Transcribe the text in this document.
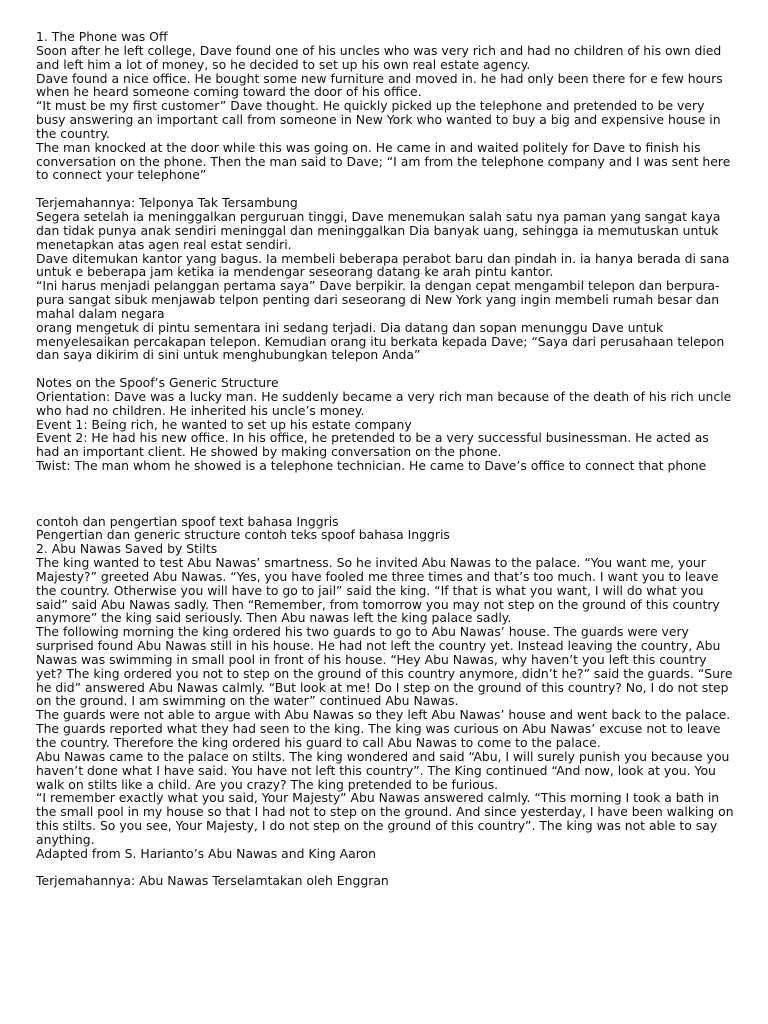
1. The Phone was Off

Soon after he left college, Dave found one of his uncles who was very rich and had no children of his own died and left him a lot of money, so he decided to set up his own real estate agency.

Dave found a nice office. He bought some new furniture and moved in. he had only been there for e few hours when he heard someone coming toward the door of his office.

“It must be my first customer” Dave thought. He quickly picked up the telephone and pretended to be very busy answering an important call from someone in New York who wanted to buy a big and expensive house in the country.

The man knocked at the door while this was going on. He came in and waited politely for Dave to finish his conversation on the phone. Then the man said to Dave; “I am from the telephone company and I was sent here to connect your telephone”

Terjemahannya: Telponya Tak Tersambung

Segera setelah ia meninggalkan perguruan tinggi, Dave menemukan salah satu nya paman yang sangat kaya dan tidak punya anak sendiri meninggal dan meninggalkan Dia banyak uang, sehingga ia memutuskan untuk menetapkan atas agen real estat sendiri.

Dave ditemukan kantor yang bagus. Ia membeli beberapa perabot baru dan pindah in. ia hanya berada di sana untuk e beberapa jam ketika ia mendengar seseorang datang ke arah pintu kantor.

“Ini harus menjadi pelanggan pertama saya” Dave berpikir. Ia dengan cepat mengambil telepon dan berpura-pura sangat sibuk menjawab telpon penting dari seseorang di New York yang ingin membeli rumah besar dan mahal dalam negara

orang mengetuk di pintu sementara ini sedang terjadi. Dia datang dan sopan menunggu Dave untuk menyelesaikan percakapan telepon. Kemudian orang itu berkata kepada Dave; “Saya dari perusahaan telepon dan saya dikirim di sini untuk menghubungkan telepon Anda”

Notes on the Spoof’s Generic Structure

Orientation: Dave was a lucky man. He suddenly became a very rich man because of the death of his rich uncle who had no children. He inherited his uncle’s money.

Event 1: Being rich, he wanted to set up his estate company

Event 2: He had his new office. In his office, he pretended to be a very successful businessman. He acted as had an important client. He showed by making conversation on the phone.

Twist: The man whom he showed is a telephone technician. He came to Dave’s office to connect that phone

contoh dan pengertian spoof text bahasa Inggris

Pengertian dan generic structure contoh teks spoof bahasa Inggris

2. Abu Nawas Saved by Stilts

The king wanted to test Abu Nawas’ smartness. So he invited Abu Nawas to the palace. “You want me, your Majesty?” greeted Abu Nawas. “Yes, you have fooled me three times and that’s too much. I want you to leave the country. Otherwise you will have to go to jail” said the king. “If that is what you want, I will do what you said” said Abu Nawas sadly. Then “Remember, from tomorrow you may not step on the ground of this country anymore” the king said seriously. Then Abu nawas left the king palace sadly.

The following morning the king ordered his two guards to go to Abu Nawas’ house. The guards were very surprised found Abu Nawas still in his house. He had not left the country yet. Instead leaving the country, Abu Nawas was swimming in small pool in front of his house. “Hey Abu Nawas, why haven’t you left this country yet? The king ordered you not to step on the ground of this country anymore, didn’t he?” said the guards. “Sure he did” answered Abu Nawas calmly. “But look at me! Do I step on the ground of this country? No, I do not step on the ground. I am swimming on the water” continued Abu Nawas.

The guards were not able to argue with Abu Nawas so they left Abu Nawas’ house and went back to the palace. The guards reported what they had seen to the king. The king was curious on Abu Nawas’ excuse not to leave the country. Therefore the king ordered his guard to call Abu Nawas to come to the palace.

Abu Nawas came to the palace on stilts. The king wondered and said “Abu, I will surely punish you because you haven’t done what I have said. You have not left this country”. The King continued “And now, look at you. You walk on stilts like a child. Are you crazy? The king pretended to be furious.

“I remember exactly what you said, Your Majesty” Abu Nawas answered calmly. “This morning I took a bath in the small pool in my house so that I had not to step on the ground. And since yesterday, I have been walking on this stilts. So you see, Your Majesty, I do not step on the ground of this country”. The king was not able to say anything.

Adapted from S. Harianto’s Abu Nawas and King Aaron

Terjemahannya: Abu Nawas Terselamtakan oleh Enggran
